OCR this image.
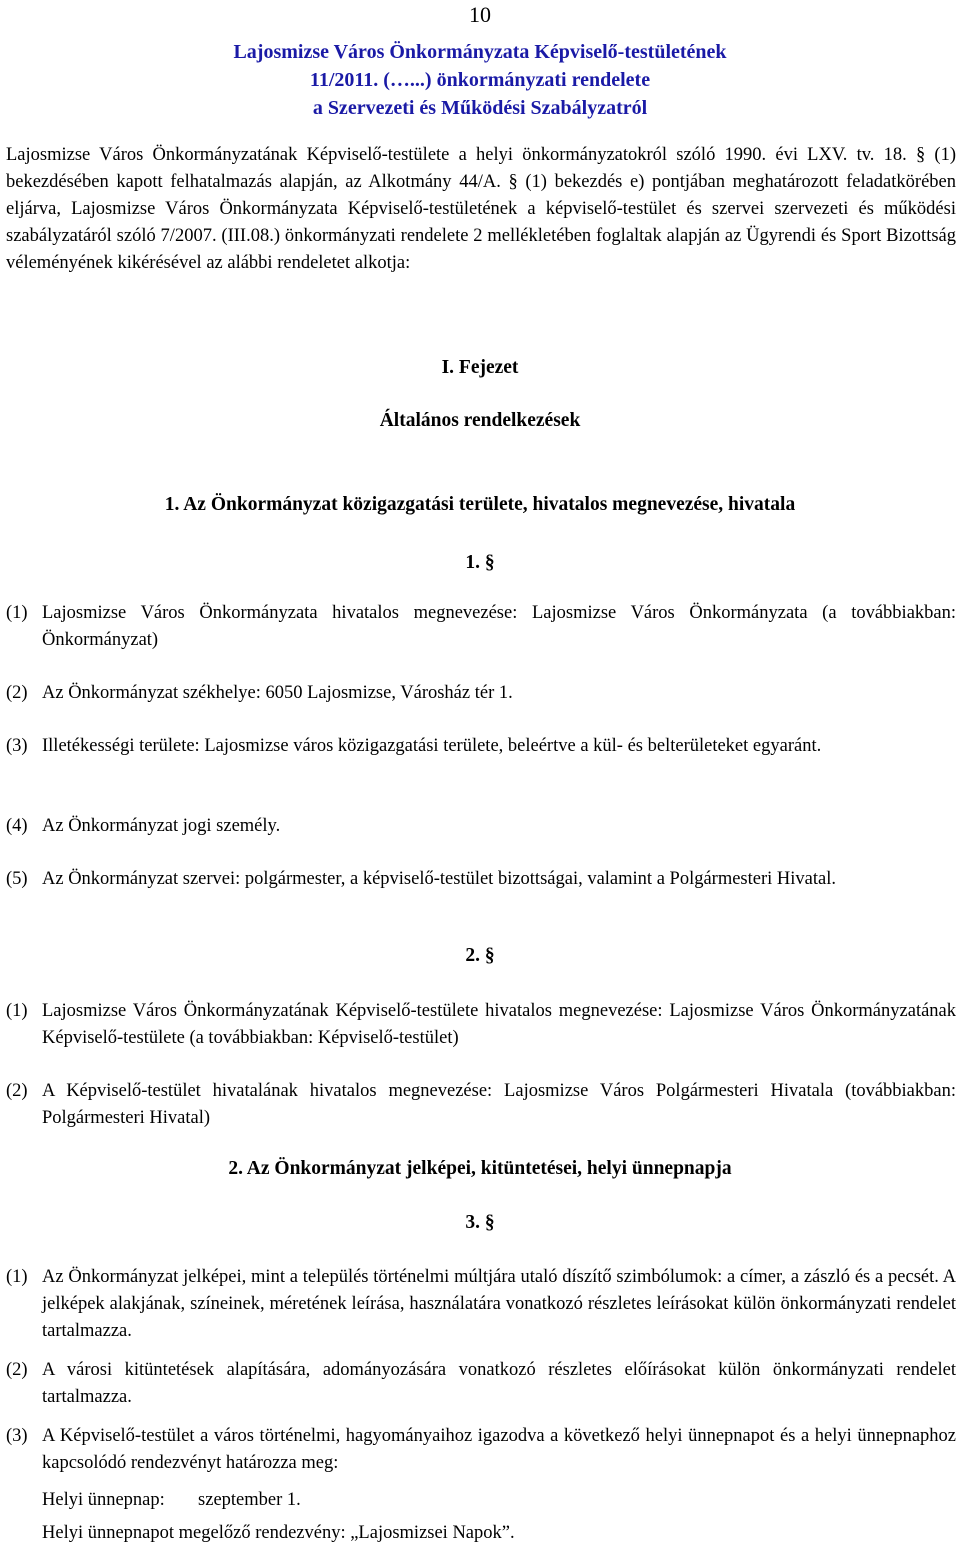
10
Lajosmizse Város Önkormányzata Képviselő-testületének
11/2011. (…...) önkormányzati rendelete
a Szervezeti és Működési Szabályzatról
Lajosmizse Város Önkormányzatának Képviselő-testülete a helyi önkormányzatokról szóló 1990. évi LXV. tv. 18. § (1) bekezdésében kapott felhatalmazás alapján, az Alkotmány 44/A. § (1) bekezdés e) pontjában meghatározott feladatkörében eljárva, Lajosmizse Város Önkormányzata Képviselő-testületének a képviselő-testület és szervei szervezeti és működési szabályzatáról szóló 7/2007. (III.08.) önkormányzati rendelete 2 mellékletében foglaltak alapján az Ügyrendi és Sport Bizottság véleményének kikérésével az alábbi rendeletet alkotja:
I. Fejezet
Általános rendelkezések
1. Az Önkormányzat közigazgatási területe, hivatalos megnevezése, hivatala
1. §
(1) Lajosmizse Város Önkormányzata hivatalos megnevezése: Lajosmizse Város Önkormányzata (a továbbiakban: Önkormányzat)
(2) Az Önkormányzat székhelye: 6050 Lajosmizse, Városház tér 1.
(3) Illetékességi területe: Lajosmizse város közigazgatási területe, beleértve a kül- és belterületeket egyaránt.
(4) Az Önkormányzat jogi személy.
(5) Az Önkormányzat szervei: polgármester, a képviselő-testület bizottságai, valamint a Polgármesteri Hivatal.
2. §
(1) Lajosmizse Város Önkormányzatának Képviselő-testülete hivatalos megnevezése: Lajosmizse Város Önkormányzatának Képviselő-testülete (a továbbiakban: Képviselő-testület)
(2) A Képviselő-testület hivatalának hivatalos megnevezése: Lajosmizse Város Polgármesteri Hivatala (továbbiakban: Polgármesteri Hivatal)
2. Az Önkormányzat jelképei, kitüntetései, helyi ünnepnapja
3. §
(1) Az Önkormányzat jelképei, mint a település történelmi múltjára utaló díszítő szimbólumok: a címer, a zászló és a pecsét. A jelképek alakjának, színeinek, méretének leírása, használatára vonatkozó részletes leírásokat külön önkormányzati rendelet tartalmazza.
(2) A városi kitüntetések alapítására, adományozására vonatkozó részletes előírásokat külön önkormányzati rendelet tartalmazza.
(3) A Képviselő-testület a város történelmi, hagyományaihoz igazodva a következő helyi ünnepnapot és a helyi ünnepnaphoz kapcsolódó rendezvényt határozza meg:
Helyi ünnepnap: szeptember 1.
Helyi ünnepnapot megelőző rendezvény: „Lajosmizsei Napok”.
